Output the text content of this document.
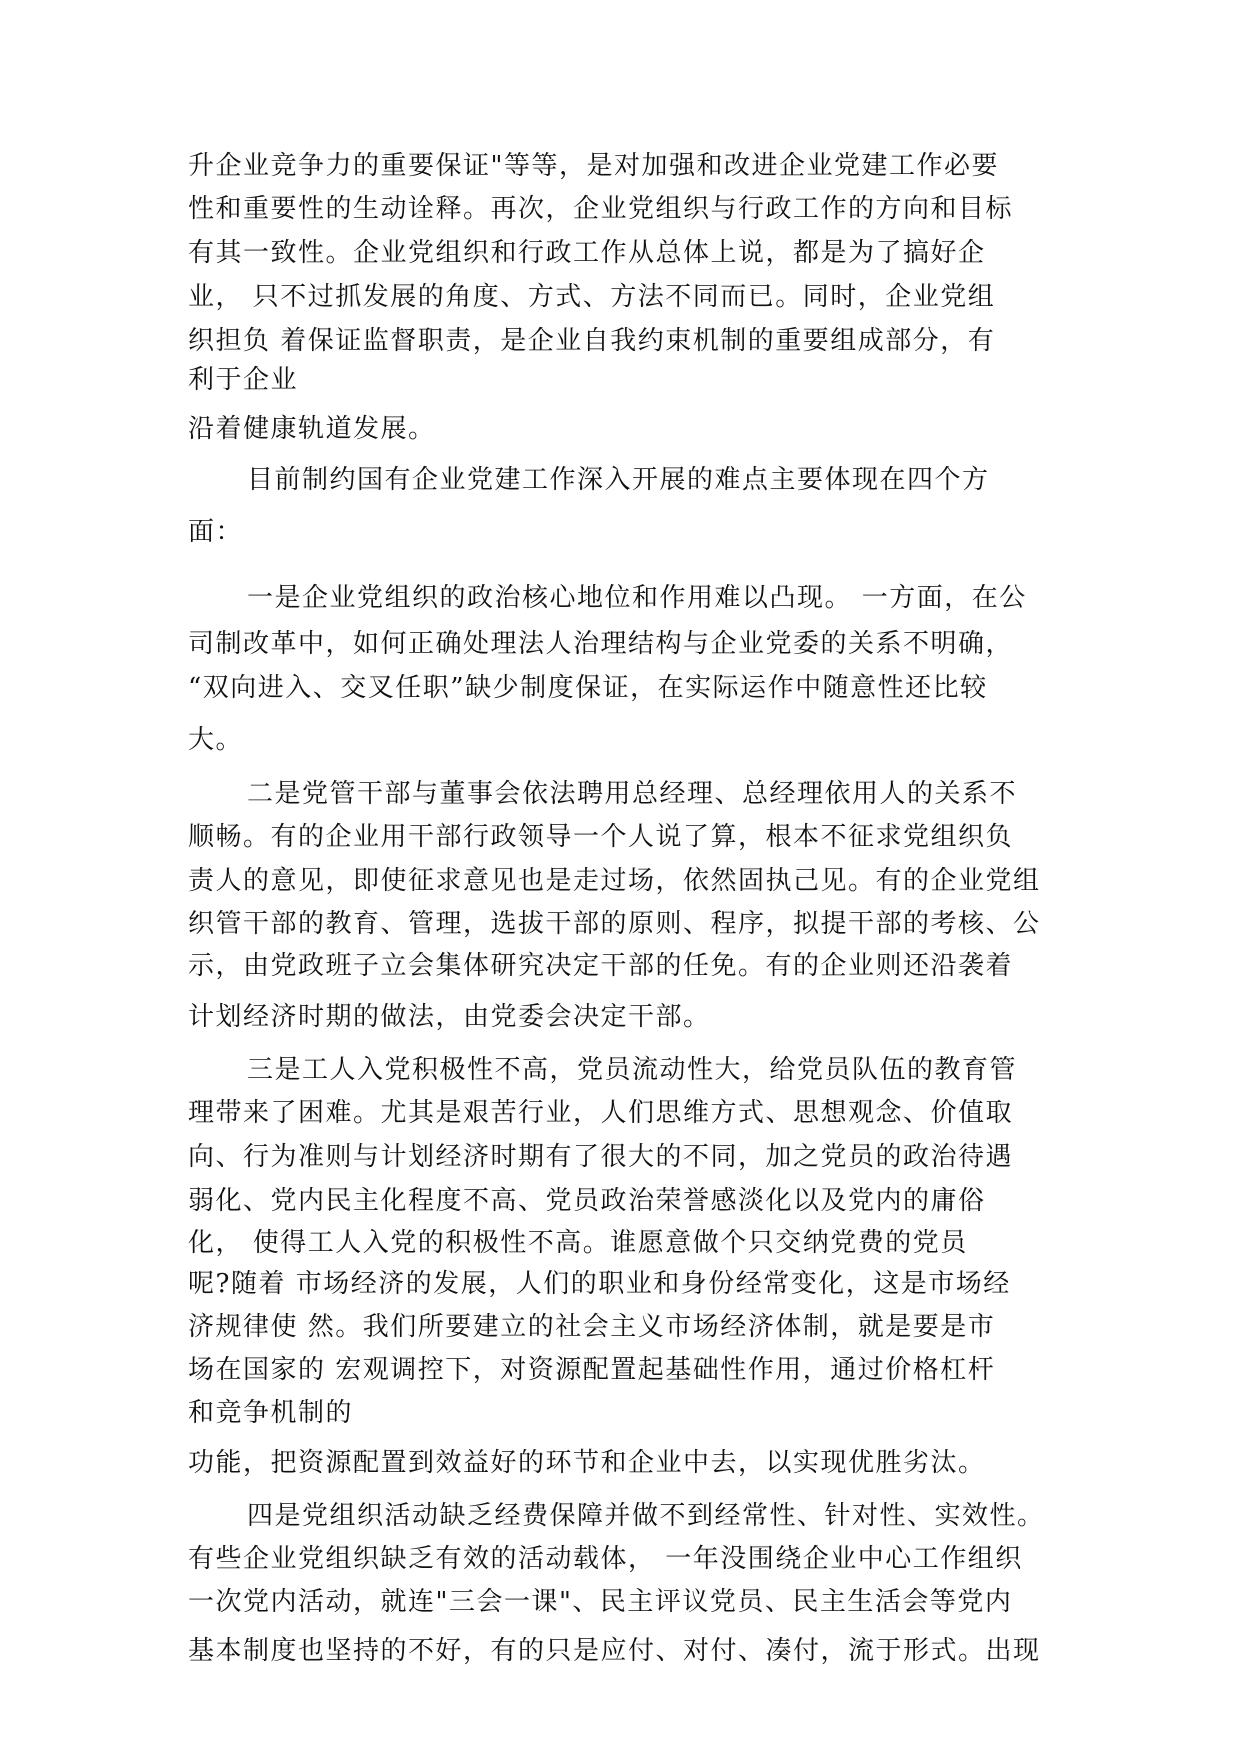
升企业竞争力的重要保证"等等，是对加强和改进企业党建工作必要
性和重要性的生动诠释。再次，企业党组织与行政工作的方向和目标
有其一致性。企业党组织和行政工作从总体上说，都是为了搞好企
业， 只不过抓发展的角度、方式、方法不同而已。同时，企业党组
织担负 着保证监督职责，是企业自我约束机制的重要组成部分，有
利于企业
沿着健康轨道发展。
目前制约国有企业党建工作深入开展的难点主要体现在四个方
面：
一是企业党组织的政治核心地位和作用难以凸现。 一方面，在公
司制改革中，如何正确处理法人治理结构与企业党委的关系不明确，
“双向进入、交叉任职”缺少制度保证，在实际运作中随意性还比较
大。
二是党管干部与董事会依法聘用总经理、总经理依用人的关系不
顺畅。有的企业用干部行政领导一个人说了算，根本不征求党组织负
责人的意见，即使征求意见也是走过场，依然固执己见。有的企业党组
织管干部的教育、管理，选拔干部的原则、程序，拟提干部的考核、公
示，由党政班子立会集体研究决定干部的任免。有的企业则还沿袭着
计划经济时期的做法，由党委会决定干部。
三是工人入党积极性不高，党员流动性大，给党员队伍的教育管
理带来了困难。尤其是艰苦行业，人们思维方式、思想观念、价值取
向、行为准则与计划经济时期有了很大的不同，加之党员的政治待遇
弱化、党内民主化程度不高、党员政治荣誉感淡化以及党内的庸俗
化， 使得工人入党的积极性不高。谁愿意做个只交纳党费的党员
呢?随着 市场经济的发展，人们的职业和身份经常变化，这是市场经
济规律使 然。我们所要建立的社会主义市场经济体制，就是要是市
场在国家的 宏观调控下，对资源配置起基础性作用，通过价格杠杆
和竞争机制的
功能，把资源配置到效益好的环节和企业中去，以实现优胜劣汰。
四是党组织活动缺乏经费保障并做不到经常性、针对性、实效性。
有些企业党组织缺乏有效的活动载体， 一年没围绕企业中心工作组织
一次党内活动，就连"三会一课"、民主评议党员、民主生活会等党内
基本制度也坚持的不好，有的只是应付、对付、凑付，流于形式。出现
